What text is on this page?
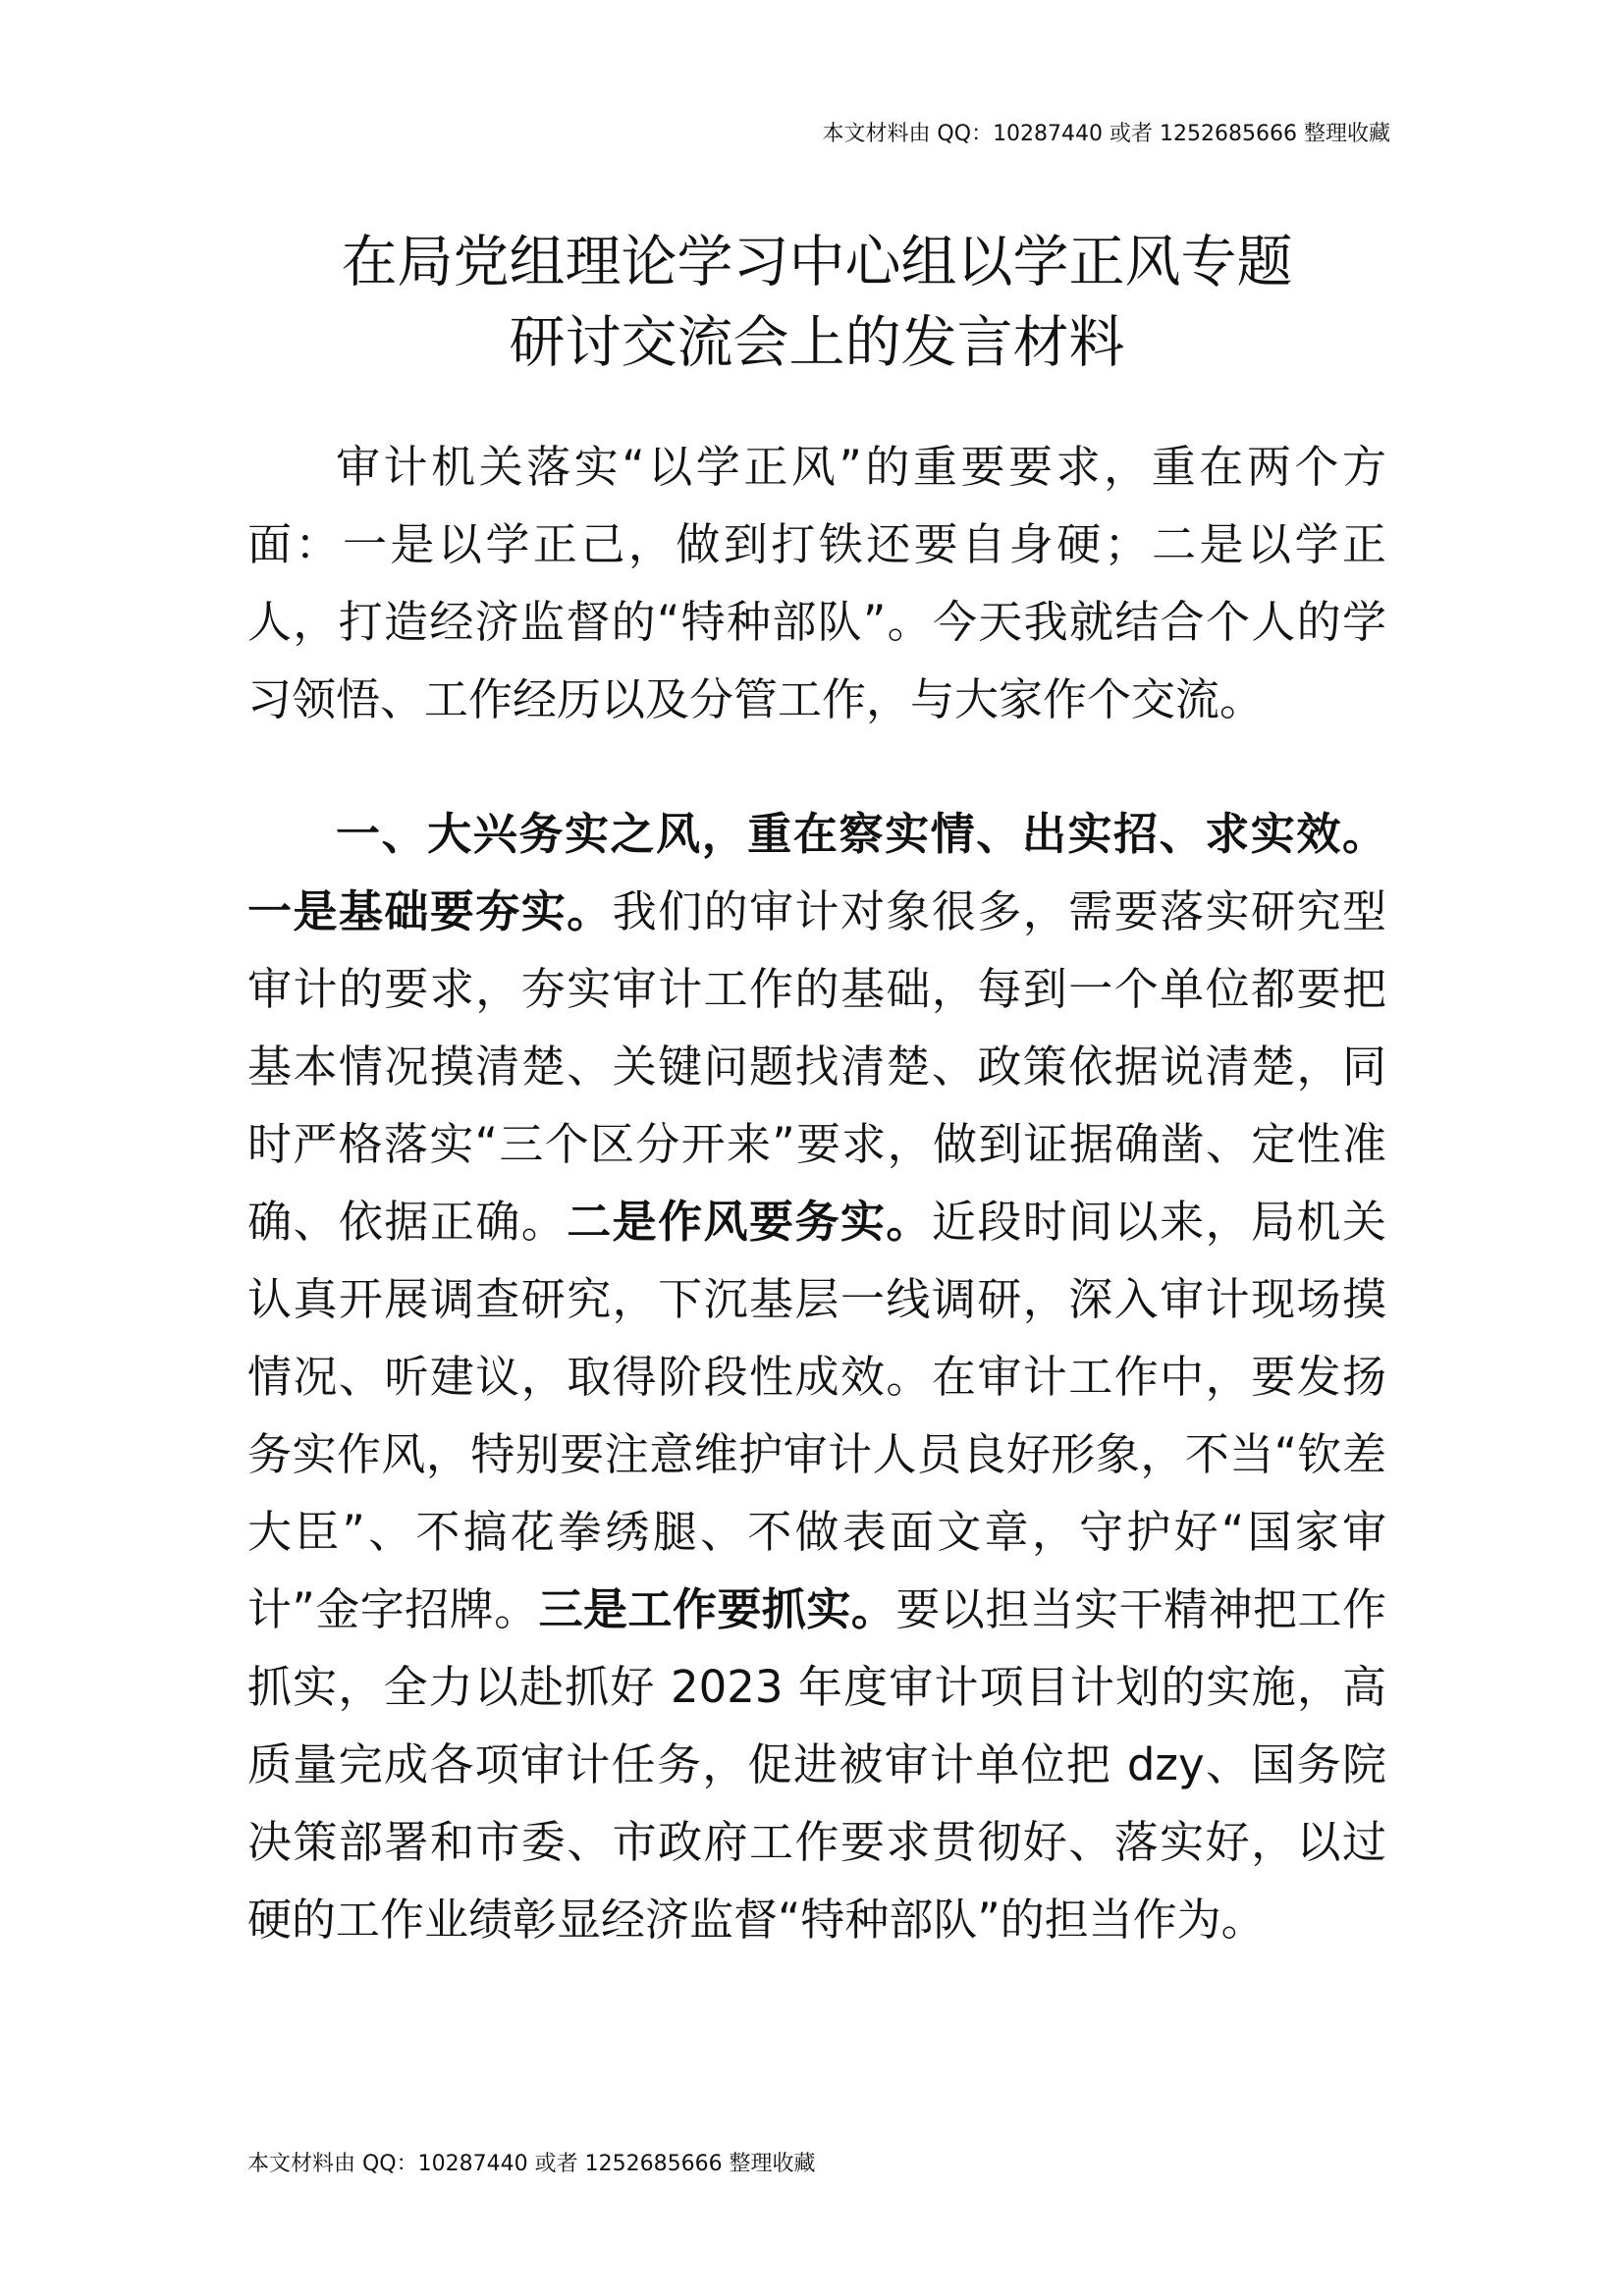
本文材料由 QQ：10287440 或者 1252685666 整理收藏
在局党组理论学习中心组以学正风专题
研讨交流会上的发言材料

审计机关落实“以学正风”的重要要求，重在两个方面：一是以学正己，做到打铁还要自身硬；二是以学正人，打造经济监督的“特种部队”。今天我就结合个人的学习领悟、工作经历以及分管工作，与大家作个交流。

一、大兴务实之风，重在察实情、出实招、求实效。一是基础要夯实。我们的审计对象很多，需要落实研究型审计的要求，夯实审计工作的基础，每到一个单位都要把基本情况摸清楚、关键问题找清楚、政策依据说清楚，同时严格落实“三个区分开来”要求，做到证据确凿、定性准确、依据正确。二是作风要务实。近段时间以来，局机关认真开展调查研究，下沉基层一线调研，深入审计现场摸情况、听建议，取得阶段性成效。在审计工作中，要发扬务实作风，特别要注意维护审计人员良好形象，不当“钦差大臣”、不搞花拳绣腿、不做表面文章，守护好“国家审计”金字招牌。三是工作要抓实。要以担当实干精神把工作抓实，全力以赴抓好 2023 年度审计项目计划的实施，高质量完成各项审计任务，促进被审计单位把 dzy、国务院决策部署和市委、市政府工作要求贯彻好、落实好，以过硬的工作业绩彰显经济监督“特种部队”的担当作为。

本文材料由 QQ：10287440 或者 1252685666 整理收藏
